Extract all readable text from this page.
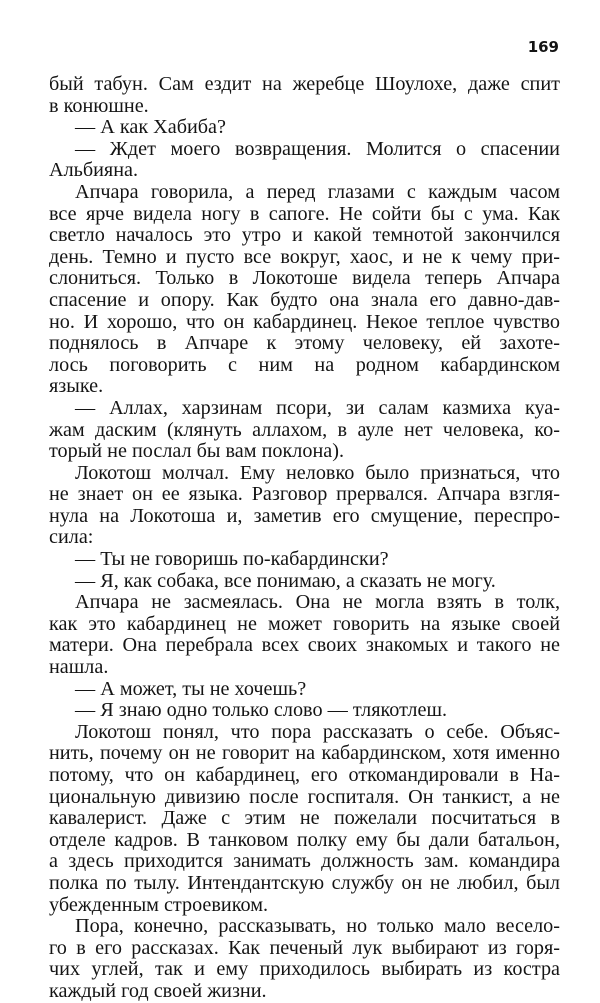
169
бый табун. Сам ездит на жеребце Шоулохе, даже спит
в конюшне.
— А как Хабиба?
— Ждет моего возвращения. Молится о спасении
Альбияна.
Апчара говорила, а перед глазами с каждым часом
все ярче видела ногу в сапоге. Не сойти бы с ума. Как
светло началось это утро и какой темнотой закончился
день. Темно и пусто все вокруг, хаос, и не к чему при-
слониться. Только в Локотоше видела теперь Апчара
спасение и опору. Как будто она знала его давно-дав-
но. И хорошо, что он кабардинец. Некое теплое чувство
поднялось в Апчаре к этому человеку, ей захоте-
лось поговорить с ним на родном кабардинском
языке.
— Аллах, харзинам псори, зи салам казмиха куа-
жам даским (клянуть аллахом, в ауле нет человека, ко-
торый не послал бы вам поклона).
Локотош молчал. Ему неловко было признаться, что
не знает он ее языка. Разговор прервался. Апчара взгля-
нула на Локотоша и, заметив его смущение, переспро-
сила:
— Ты не говоришь по-кабардински?
— Я, как собака, все понимаю, а сказать не могу.
Апчара не засмеялась. Она не могла взять в толк,
как это кабардинец не может говорить на языке своей
матери. Она перебрала всех своих знакомых и такого не
нашла.
— А может, ты не хочешь?
— Я знаю одно только слово — тлякотлеш.
Локотош понял, что пора рассказать о себе. Объяс-
нить, почему он не говорит на кабардинском, хотя именно
потому, что он кабардинец, его откомандировали в На-
циональную дивизию после госпиталя. Он танкист, а не
кавалерист. Даже с этим не пожелали посчитаться в
отделе кадров. В танковом полку ему бы дали батальон,
а здесь приходится занимать должность зам. командира
полка по тылу. Интендантскую службу он не любил, был
убежденным строевиком.
Пора, конечно, рассказывать, но только мало весело-
го в его рассказах. Как печеный лук выбирают из горя-
чих углей, так и ему приходилось выбирать из костра
каждый год своей жизни.
